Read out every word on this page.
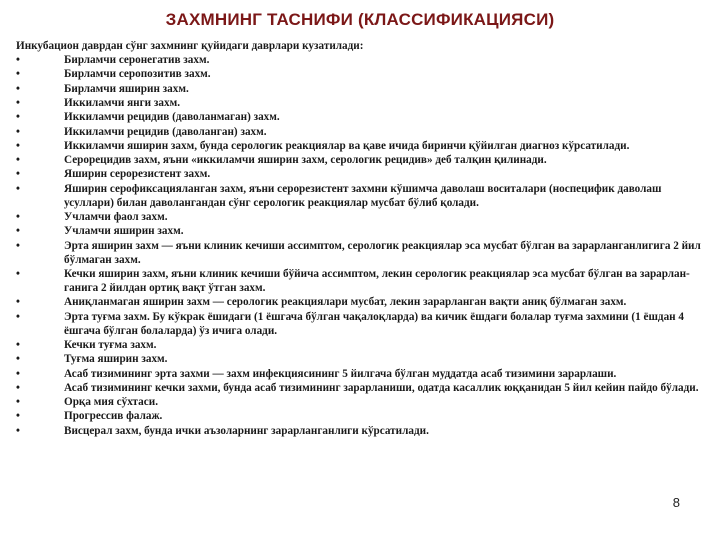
ЗАХМНИНГ ТАСНИФИ (КЛАССИФИКАЦИЯСИ)

Инкубацион даврдан сўнг захмнинг қуйидаги даврлари кузатилади:

•	Бирламчи серонегатив захм.
•	Бирламчи серопозитив захм.
•	Бирламчи яширин захм.
•	Иккиламчи янги захм.
•	Иккиламчи рецидив (даволанмаган) захм.
•	Иккиламчи рецидив (даволанган) захм.
•	Иккиламчи яширин захм, бунда серологик реакциялар ва қаве ичида биринчи қўйилган диагноз кўрсатилади.
•	Серорецидив захм, яъни «иккиламчи яширин захм, серологик рецидив» деб талқин қилинади.
•	Яширин серорезистент захм.
•	Яширин серофиксацияланган захм, яъни серорезистент захмни кўшимча даволаш воситалари (носпецифик даволаш усуллари) билан даволангандан сўнг серологик реакциялар мусбат бўлиб қолади.
•	Учламчи фаол захм.
•	Учламчи яширин захм.
•	Эрта яширин захм — яъни клиник кечиши ассимптом, серологик реакциялар эса мусбат бўлган ва зарарланганлигига 2 йил бўлмаган захм.
•	Кечки яширин захм, яъни клиник кечиши бўйича ассимптом, лекин серологик реакциялар эса мусбат бўлган ва зарарлан-ганига 2 йилдан ортиқ вақт ўтган захм.
•	Аниқланмаган яширин захм — серологик реакциялари мусбат, лекин зарарланган вақти аниқ бўлмаган захм.
•	Эрта туғма захм. Бу кўкрак ёшидаги (1 ёшгача бўлган чақалоқларда) ва кичик ёшдаги болалар туғма захмини (1 ёшдан 4 ёшгача бўлган болаларда) ўз ичига олади.
•	Кечки туғма захм.
•	Туғма яширин захм.
•	Асаб тизимининг эрта захми — захм инфекциясининг 5 йилгача бўлган муддатда асаб тизимини зарарлаши.
•	Асаб тизимининг кечки захми, бунда асаб тизимининг зарарланиши, одатда касаллик юққанидан 5 йил кейин пайдо бўлади.
•	Орқа мия сўхтаси.
•	Прогрессив фалаж.
•	Висцерал захм, бунда ички аъзоларнинг зарарланганлиги кўрсатилади.
8
